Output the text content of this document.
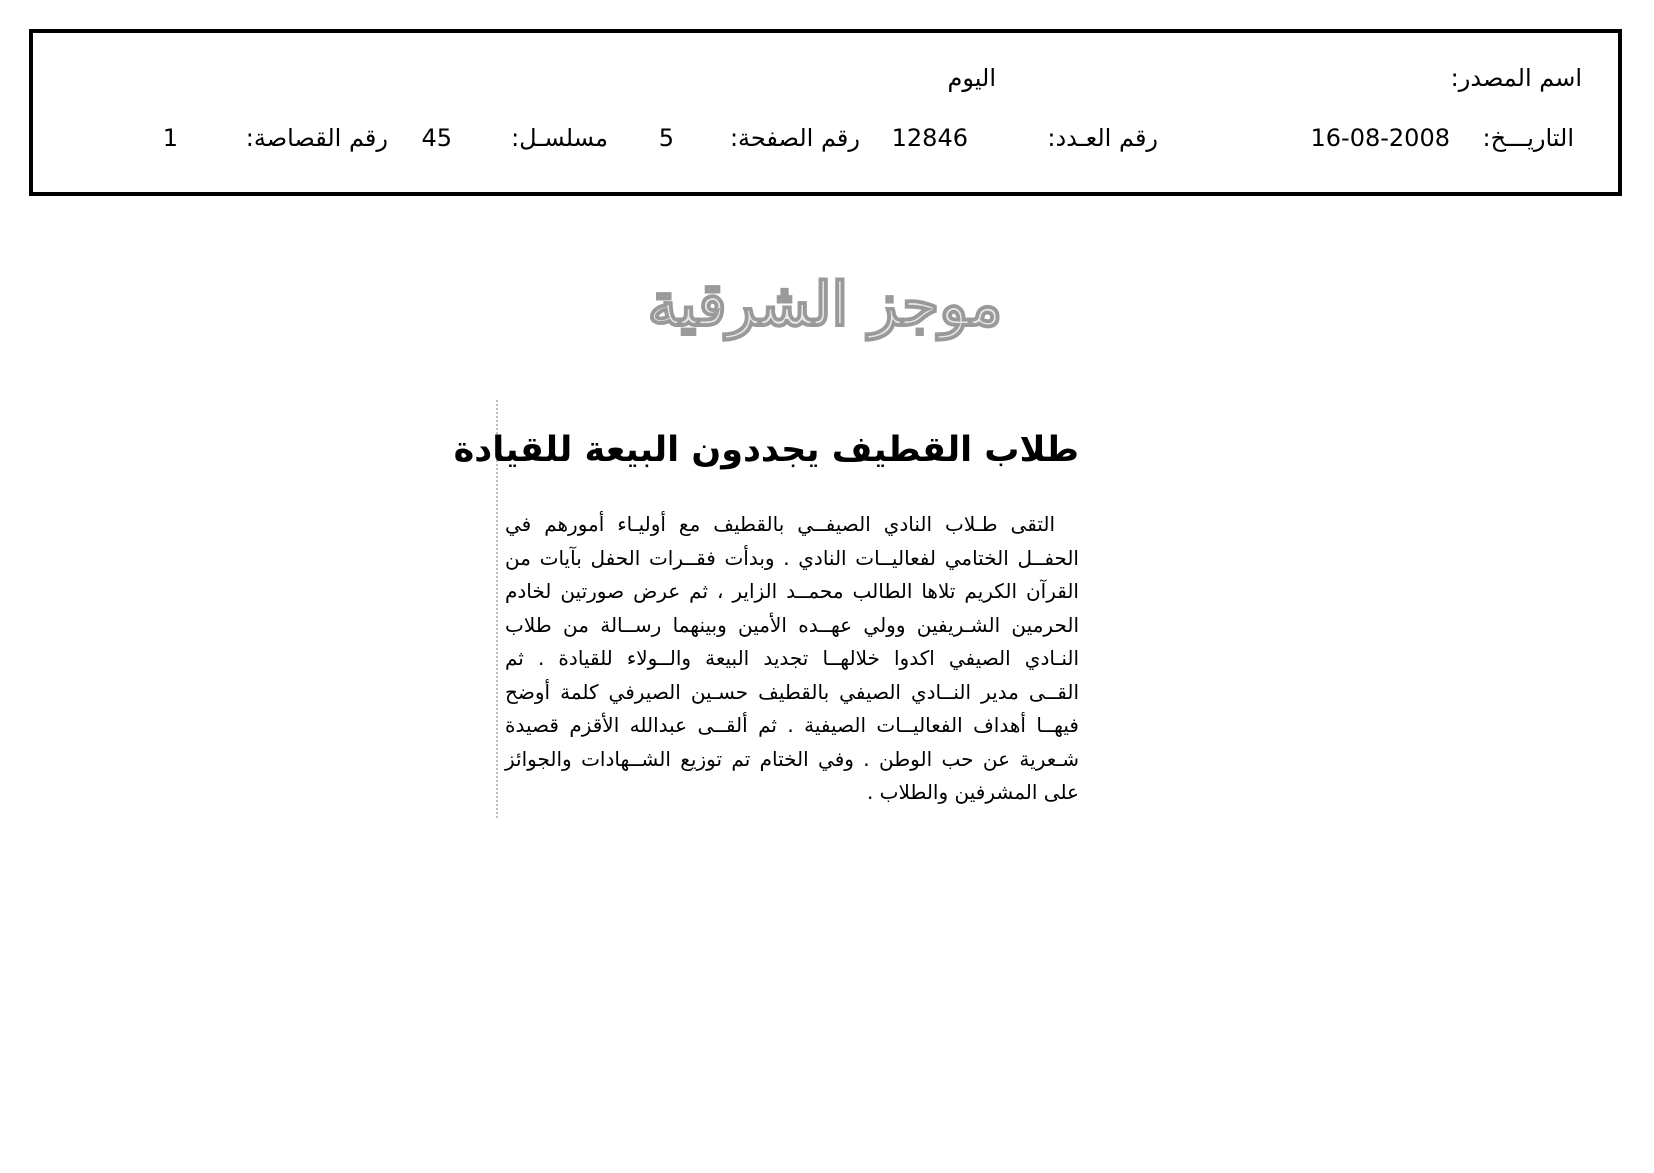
اسم المصدر:
اليوم
التاريـــخ:
16-08-2008
رقم العـدد:
12846
رقم الصفحة:
5
مسلسـل:
45
رقم القصاصة:
1
موجز الشرقية
طلاب القطيف يجددون البيعة للقيادة
التقى طـلاب النادي الصيفــي بالقطيف مع أوليـاء أمورهم في
الحفــل الختامي لفعاليــات النادي . وبدأت فقــرات الحفل بآيات من
القرآن الكريم تلاها الطالب محمــد الزاير ، ثم عرض صورتين لخادم
الحرمين الشـريفين وولي عهــده الأمين وبينهما رســالة من طلاب
النـادي الصيفي اكدوا خلالهــا تجديد البيعة والــولاء للقيادة . ثم
القــى مدير النــادي الصيفي بالقطيف حسـين الصيرفي كلمة أوضح
فيهــا أهداف الفعاليــات الصيفية . ثم ألقــى عبدالله الأقزم قصيدة
شـعرية عن حب الوطن . وفي الختام تم توزيع الشــهادات والجوائز
على المشرفين والطلاب .
